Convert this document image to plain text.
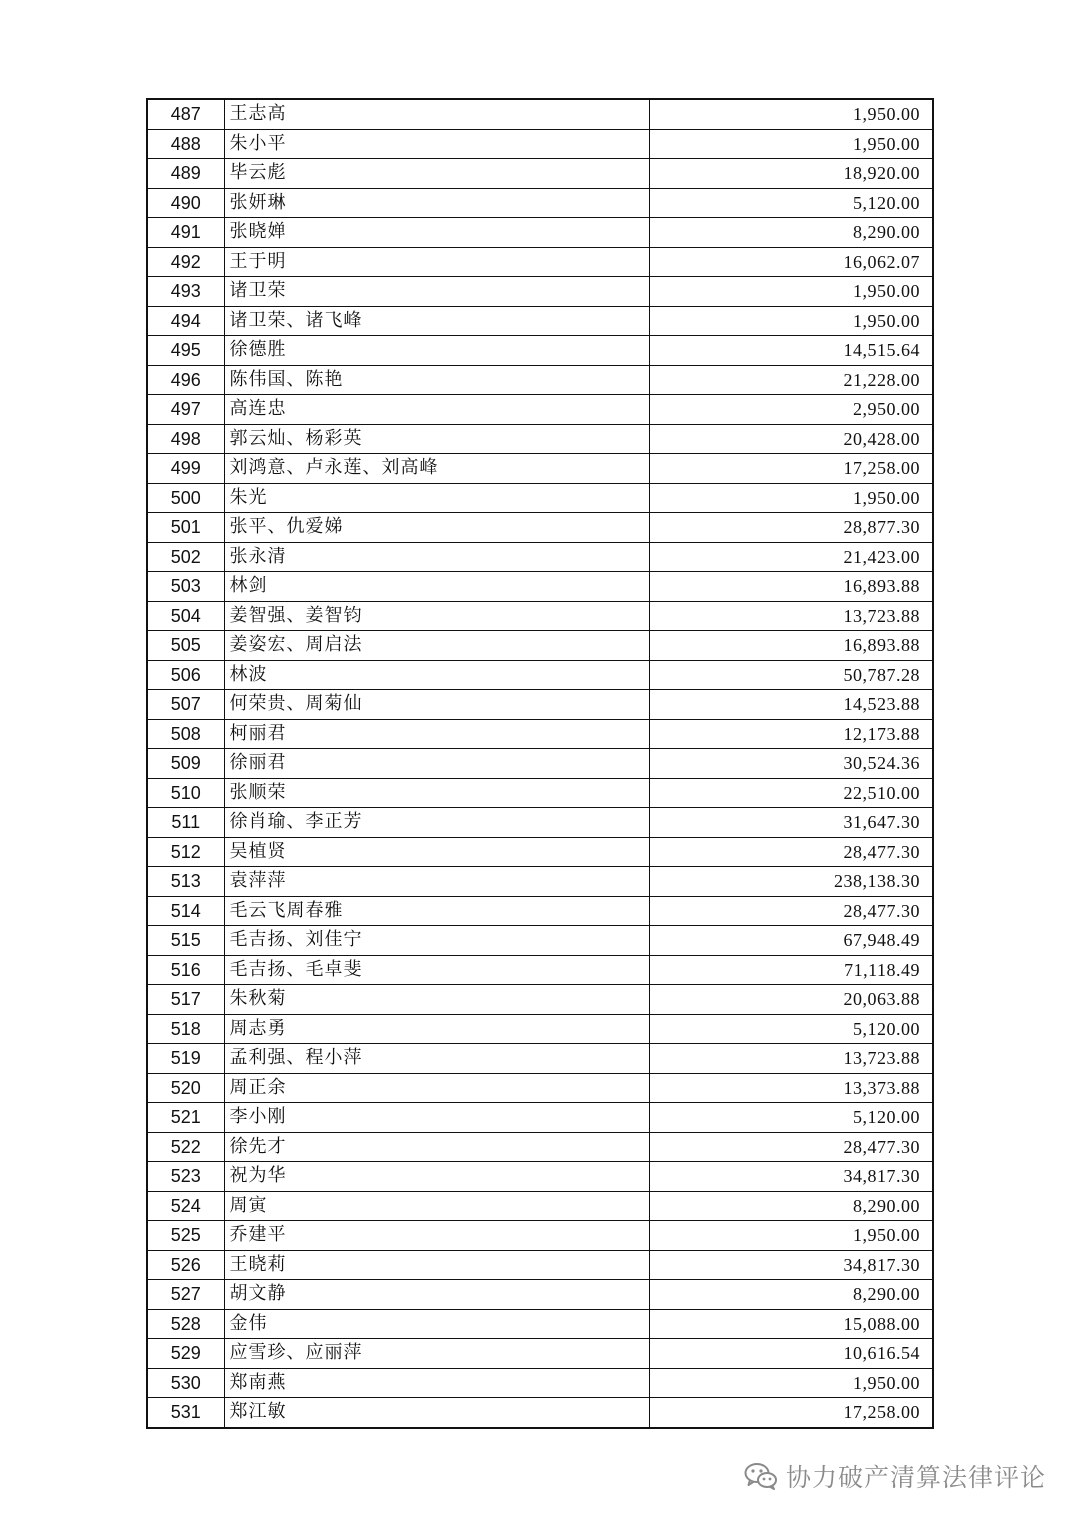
487	王志高	1,950.00
488	朱小平	1,950.00
489	毕云彪	18,920.00
490	张妍琳	5,120.00
491	张晓婵	8,290.00
492	王于明	16,062.07
493	诸卫荣	1,950.00
494	诸卫荣、诸飞峰	1,950.00
495	徐德胜	14,515.64
496	陈伟国、陈艳	21,228.00
497	高连忠	2,950.00
498	郭云灿、杨彩英	20,428.00
499	刘鸿意、卢永莲、刘高峰	17,258.00
500	朱光	1,950.00
501	张平、仇爱娣	28,877.30
502	张永清	21,423.00
503	林剑	16,893.88
504	姜智强、姜智钧	13,723.88
505	姜姿宏、周启法	16,893.88
506	林波	50,787.28
507	何荣贵、周菊仙	14,523.88
508	柯丽君	12,173.88
509	徐丽君	30,524.36
510	张顺荣	22,510.00
511	徐肖瑜、李正芳	31,647.30
512	吴植贤	28,477.30
513	袁萍萍	238,138.30
514	毛云飞周春雅	28,477.30
515	毛吉扬、刘佳宁	67,948.49
516	毛吉扬、毛卓斐	71,118.49
517	朱秋菊	20,063.88
518	周志勇	5,120.00
519	孟利强、程小萍	13,723.88
520	周正余	13,373.88
521	李小刚	5,120.00
522	徐先才	28,477.30
523	祝为华	34,817.30
524	周寅	8,290.00
525	乔建平	1,950.00
526	王晓莉	34,817.30
527	胡文静	8,290.00
528	金伟	15,088.00
529	应雪珍、应丽萍	10,616.54
530	郑南燕	1,950.00
531	郑江敏	17,258.00
协力破产清算法律评论
